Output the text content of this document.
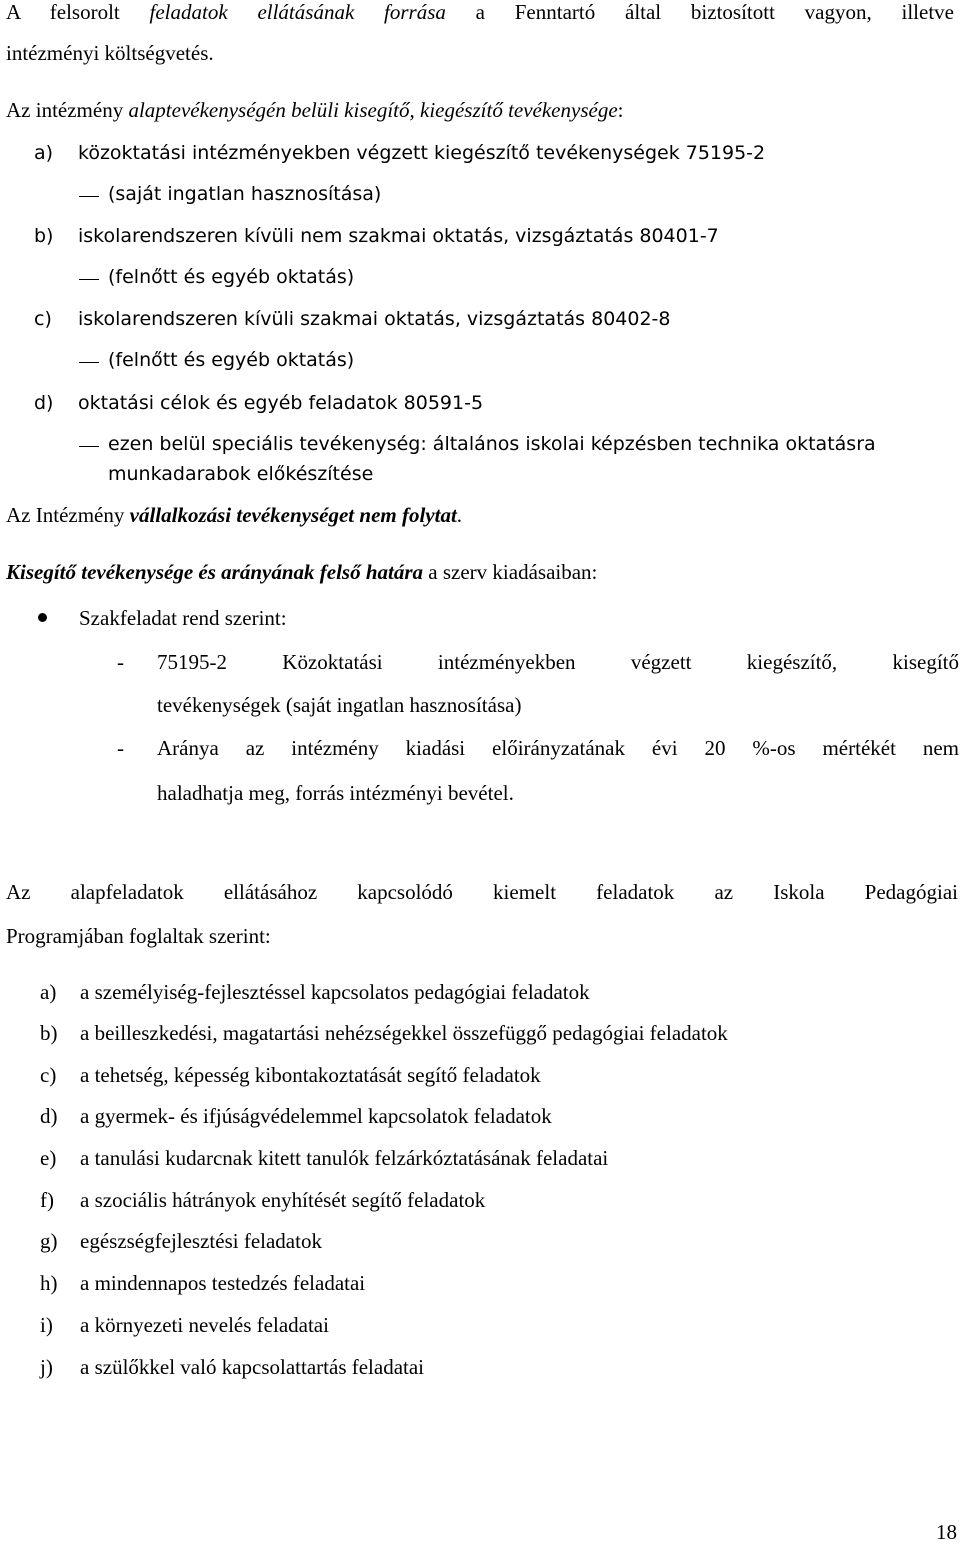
A felsorolt feladatok ellátásának forrása a Fenntartó által biztosított vagyon, illetve
intézményi költségvetés.
Az intézmény alaptevékenységén belüli kisegítő, kiegészítő tevékenysége:
a) közoktatási intézményekben végzett kiegészítő tevékenységek 75195-2
(saját ingatlan hasznosítása)
b) iskolarendszeren kívüli nem szakmai oktatás, vizsgáztatás 80401-7
(felnőtt és egyéb oktatás)
c) iskolarendszeren kívüli szakmai oktatás, vizsgáztatás 80402-8
(felnőtt és egyéb oktatás)
d) oktatási célok és egyéb feladatok 80591-5
ezen belül speciális tevékenység: általános iskolai képzésben technika oktatásra
munkadarabok előkészítése
Az Intézmény vállalkozási tevékenységet nem folytat.
Kisegítő tevékenysége és arányának felső határa a szerv kiadásaiban:
Szakfeladat rend szerint:
- 75195-2 Közoktatási intézményekben végzett kiegészítő, kisegítő
tevékenységek (saját ingatlan hasznosítása)
- Aránya az intézmény kiadási előirányzatának évi 20 %-os mértékét nem
haladhatja meg, forrás intézményi bevétel.
Az alapfeladatok ellátásához kapcsolódó kiemelt feladatok az Iskola Pedagógiai
Programjában foglaltak szerint:
a) a személyiség-fejlesztéssel kapcsolatos pedagógiai feladatok
b) a beilleszkedési, magatartási nehézségekkel összefüggő pedagógiai feladatok
c) a tehetség, képesség kibontakoztatását segítő feladatok
d) a gyermek- és ifjúságvédelemmel kapcsolatok feladatok
e) a tanulási kudarcnak kitett tanulók felzárkóztatásának feladatai
f) a szociális hátrányok enyhítését segítő feladatok
g) egészségfejlesztési feladatok
h) a mindennapos testedzés feladatai
i) a környezeti nevelés feladatai
j) a szülőkkel való kapcsolattartás feladatai
18
